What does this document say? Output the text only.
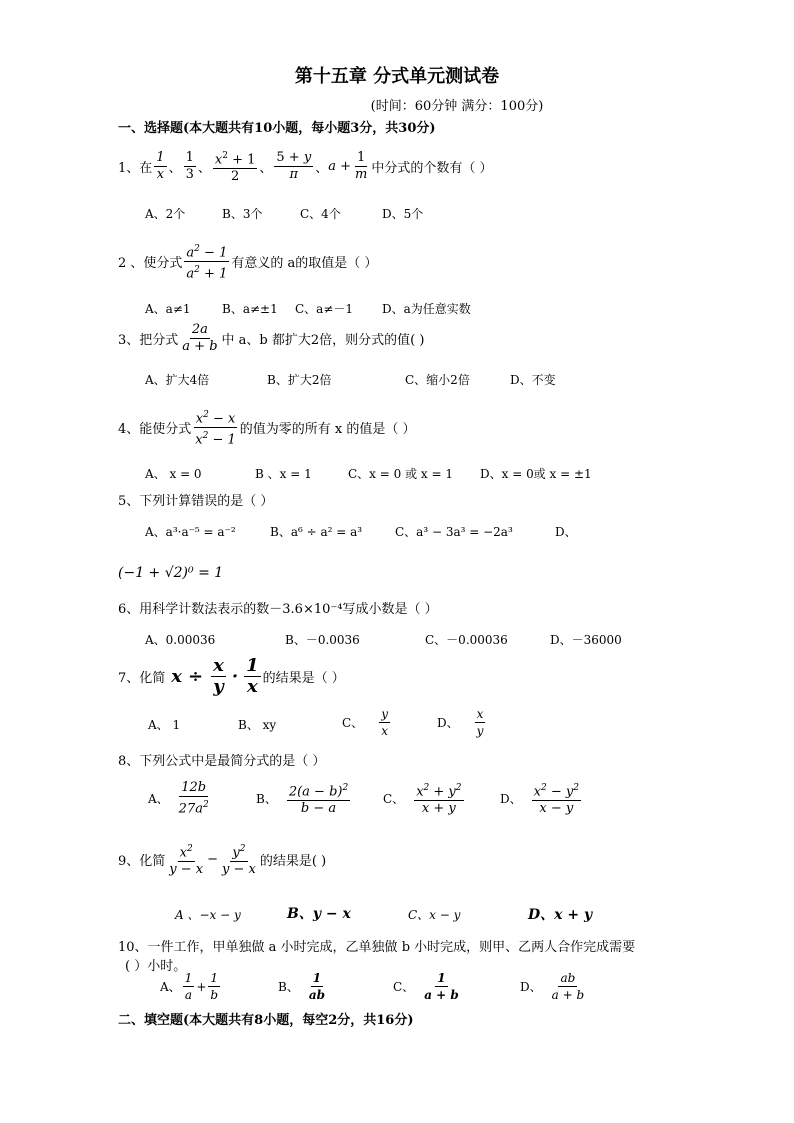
第十五章 分式单元测试卷
(时间：60分钟 满分：100分)
一、选择题(本大题共有10小题，每小题3分，共30分)
1、在 $\frac{1}{x}$ 、 $\frac{1}{3}$ 、 $\frac{x^2 + 1}{2}$ 、 $\frac{5 + y}{\pi}$ 、 $a + \frac{1}{m}$ 中分式的个数有（ ）
A、2个	B、3个	C、4个	D、5个
2 、使分式 $\frac{a^2 - 1}{a^2 + 1}$ 有意义的 a的取值是（ ）
A、a≠1	B、a≠±1 C、a≠－1 D、a为任意实数
3、把分式 $\frac{2a}{a + b}$ 中 a、b 都扩大2倍，则分式的值( )
A、扩大4倍	B、扩大2倍	C、缩小2倍	D、不变
4、能使分式 $\frac{x^2 - x}{x^2 - 1}$ 的值为零的所有 x 的值是（ ）
A、 x = 0	B 、x = 1	C、x = 0 或 x = 1 D、x = 0或 x = ±1
5、下列计算错误的是（ ）
A、a³·a⁻⁵ = a⁻²	B、a⁶ ÷ a² = a³	C、a³ − 3a³ = −2a³	D、
(−1 + √2)⁰ = 1
6、用科学计数法表示的数－3.6×10⁻⁴写成小数是（ ）
A、0.00036	B、－0.0036	C、－0.00036	D、－36000
7、化简 $x \div \frac{x}{y} \cdot \frac{1}{x}$ 的结果是（ ）
A、 1	B、 xy	C、 $\frac{y}{x}$	D、 $\frac{x}{y}$
8、下列公式中是最简分式的是（ ）
A、 $\frac{12b}{27a^2}$	B、 $\frac{2(a - b)^2}{b - a}$	C、 $\frac{x^2 + y^2}{x + y}$	D、 $\frac{x^2 - y^2}{x - y}$
9、化简 $\frac{x^2}{y - x} - \frac{y^2}{y - x}$ 的结果是( )
A 、−x − y	B、y − x	C、x − y	D、x + y
10、一件工作，甲单独做 a 小时完成，乙单独做 b 小时完成，则甲、乙两人合作完成需要
( ）小时。
A、 $\frac{1}{a} + \frac{1}{b}$	B、 $\frac{1}{ab}$	C、 $\frac{1}{a + b}$	D、 $\frac{ab}{a + b}$
二、填空题(本大题共有8小题，每空2分，共16分)
